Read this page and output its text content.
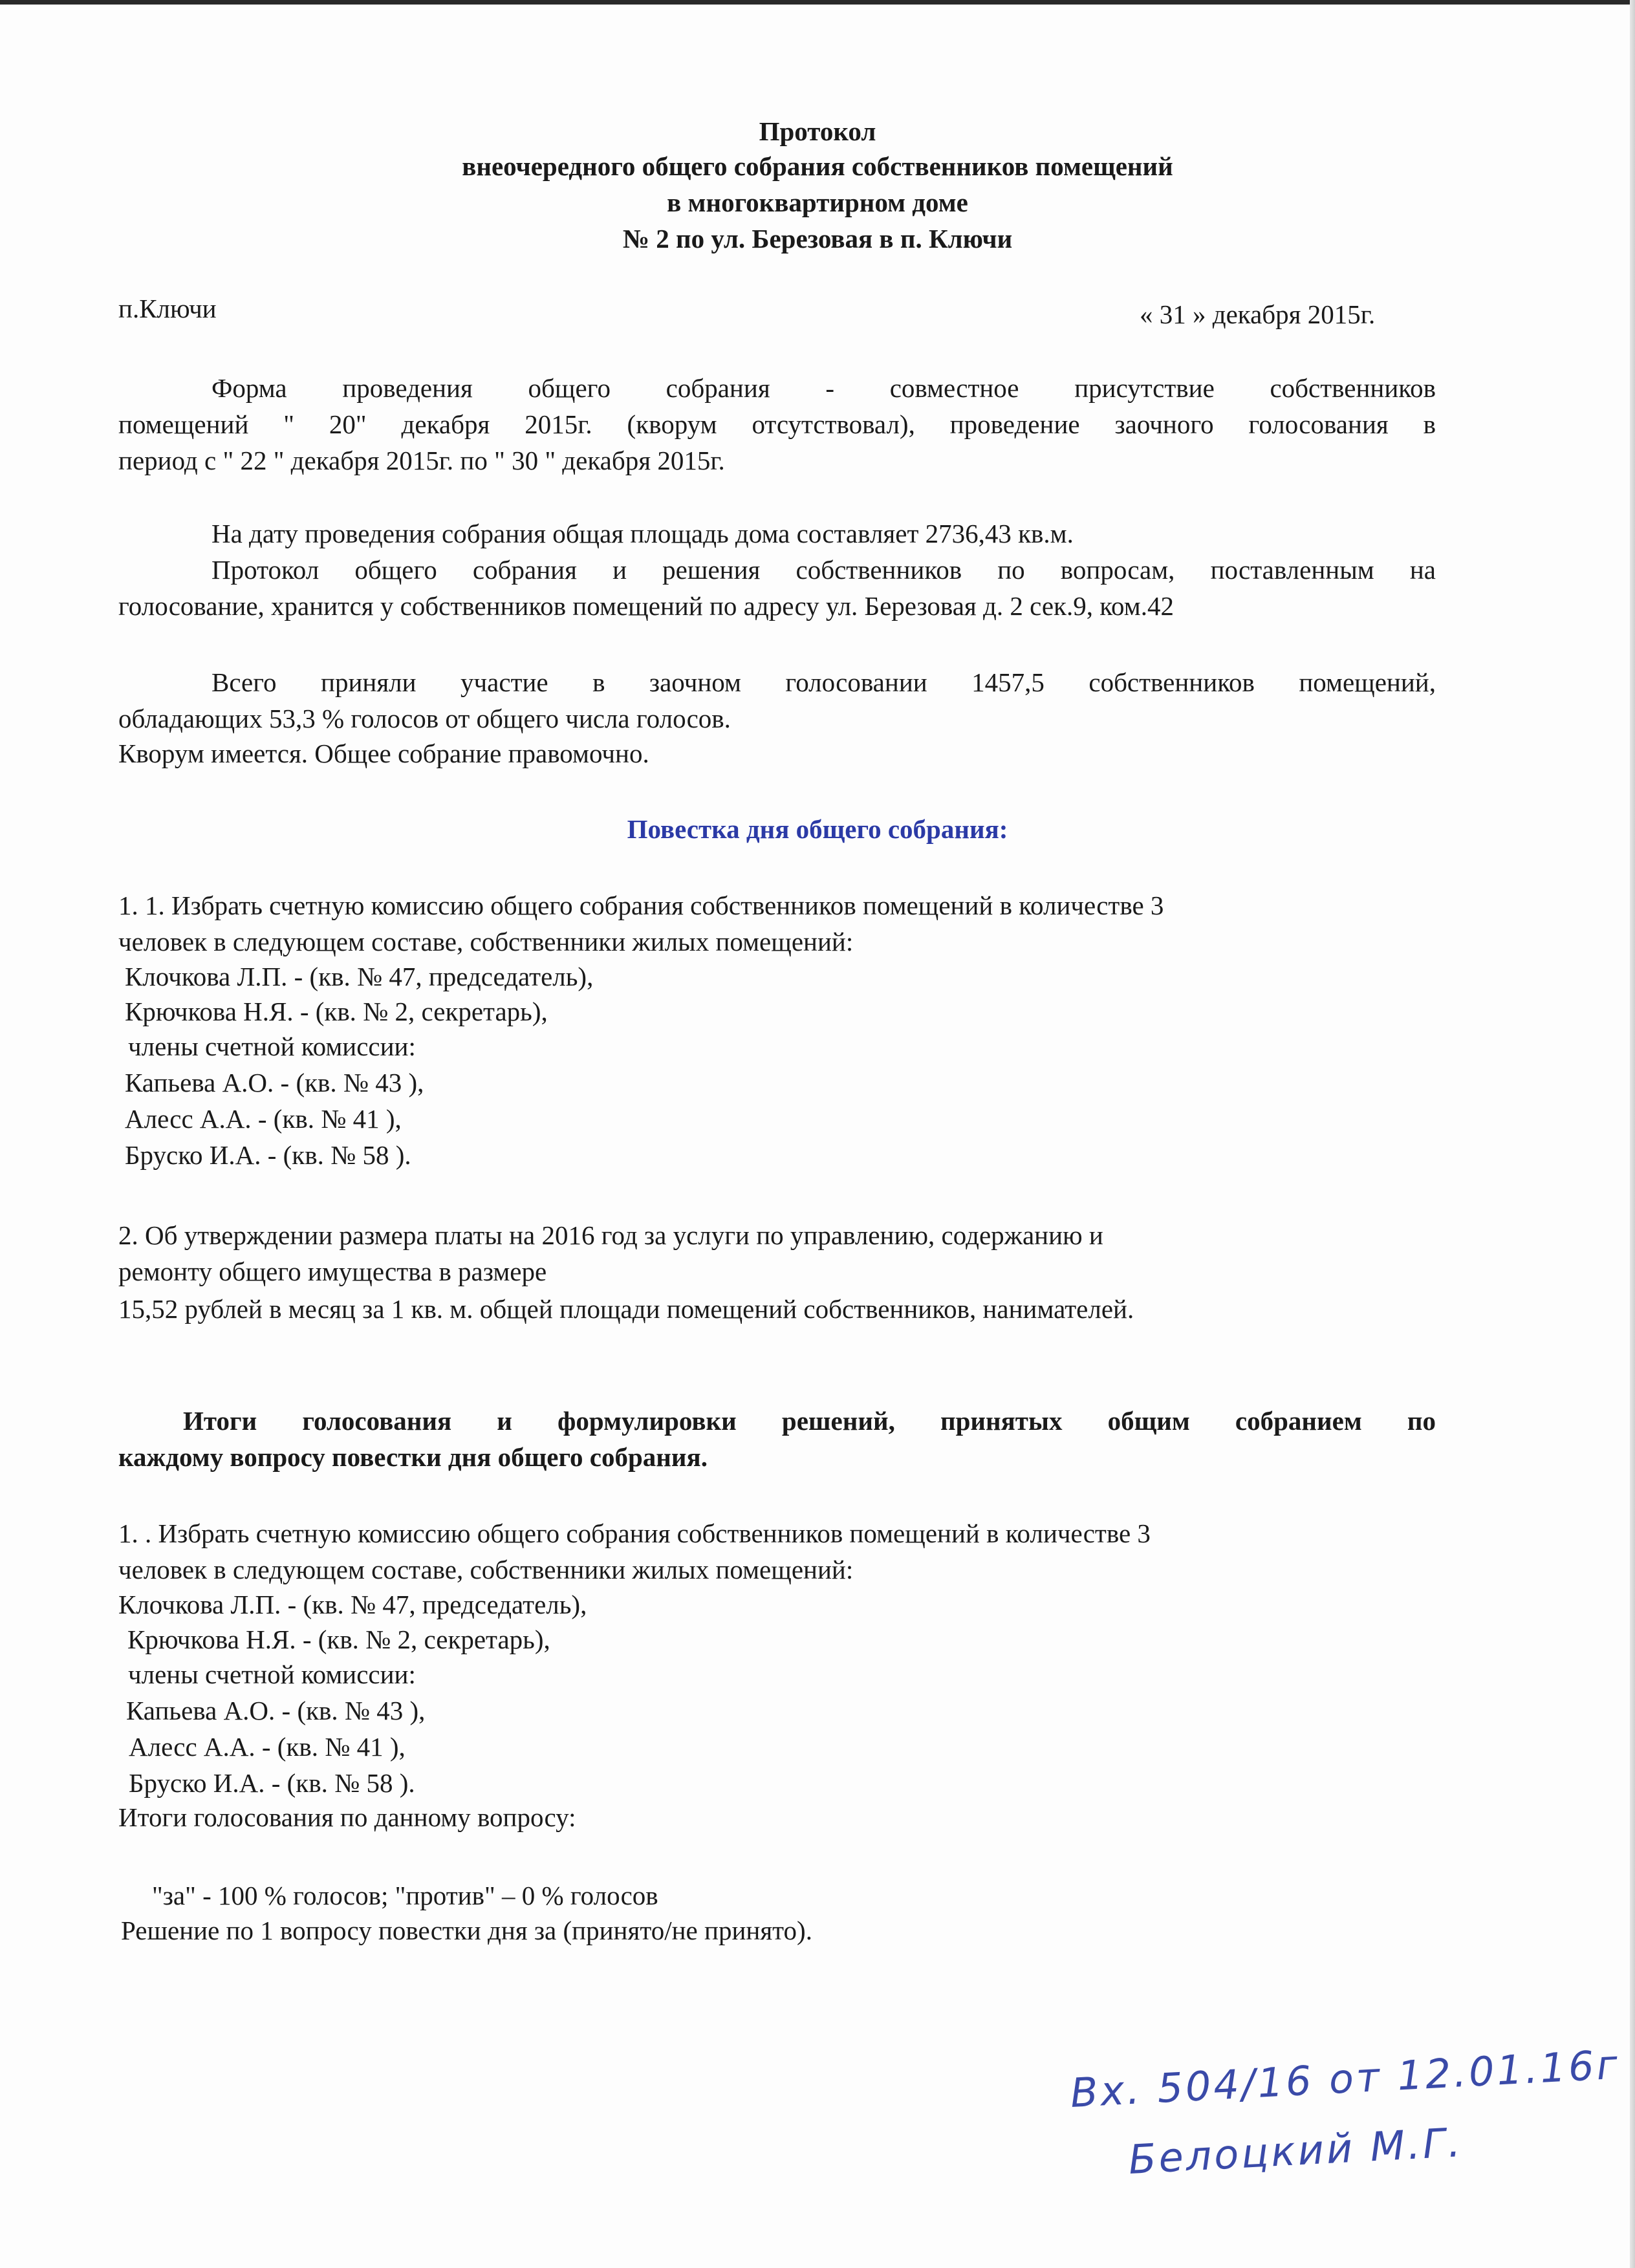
Протокол
внеочередного общего собрания собственников помещений
в многоквартирном доме
№ 2 по ул. Березовая в п. Ключи
п.Ключи	« 31 » декабря 2015г.
Форма проведения общего собрания - совместное присутствие собственников
помещений " 20" декабря 2015г. (кворум отсутствовал), проведение заочного голосования в
период с " 22 " декабря 2015г. по " 30 " декабря 2015г.
На дату проведения собрания общая площадь дома составляет 2736,43 кв.м.
Протокол общего собрания и решения собственников по вопросам, поставленным на
голосование, хранится у собственников помещений по адресу ул. Березовая д. 2 сек.9, ком.42
Всего приняли участие в заочном голосовании 1457,5 собственников помещений,
обладающих 53,3 % голосов от общего числа голосов.
Кворум имеется. Общее собрание правомочно.
Повестка дня общего собрания:
1. 1. Избрать счетную комиссию общего собрания собственников помещений в количестве 3
человек в следующем составе, собственники жилых помещений:
Клочкова Л.П. - (кв. № 47, председатель),
Крючкова Н.Я. - (кв. № 2, секретарь),
члены счетной комиссии:
Капьева А.О. - (кв. № 43 ),
Алесс А.А. - (кв. № 41 ),
Бруско И.А. - (кв. № 58 ).
2. Об утверждении размера платы на 2016 год за услуги по управлению, содержанию и
ремонту общего имущества в размере
15,52 рублей в месяц за 1 кв. м. общей площади помещений собственников, нанимателей.
Итоги голосования и формулировки решений, принятых общим собранием по
каждому вопросу повестки дня общего собрания.
1. . Избрать счетную комиссию общего собрания собственников помещений в количестве 3
человек в следующем составе, собственники жилых помещений:
Клочкова Л.П. - (кв. № 47, председатель),
Крючкова Н.Я. - (кв. № 2, секретарь),
члены счетной комиссии:
Капьева А.О. - (кв. № 43 ),
Алесс А.А. - (кв. № 41 ),
Бруско И.А. - (кв. № 58 ).
Итоги голосования по данному вопросу:
"за" - 100 % голосов; "против" – 0 % голосов
Решение по 1 вопросу повестки дня за (принято/не принято).
Вх. 504/16 от 12.01.16г
Белоцкий М.Г.
